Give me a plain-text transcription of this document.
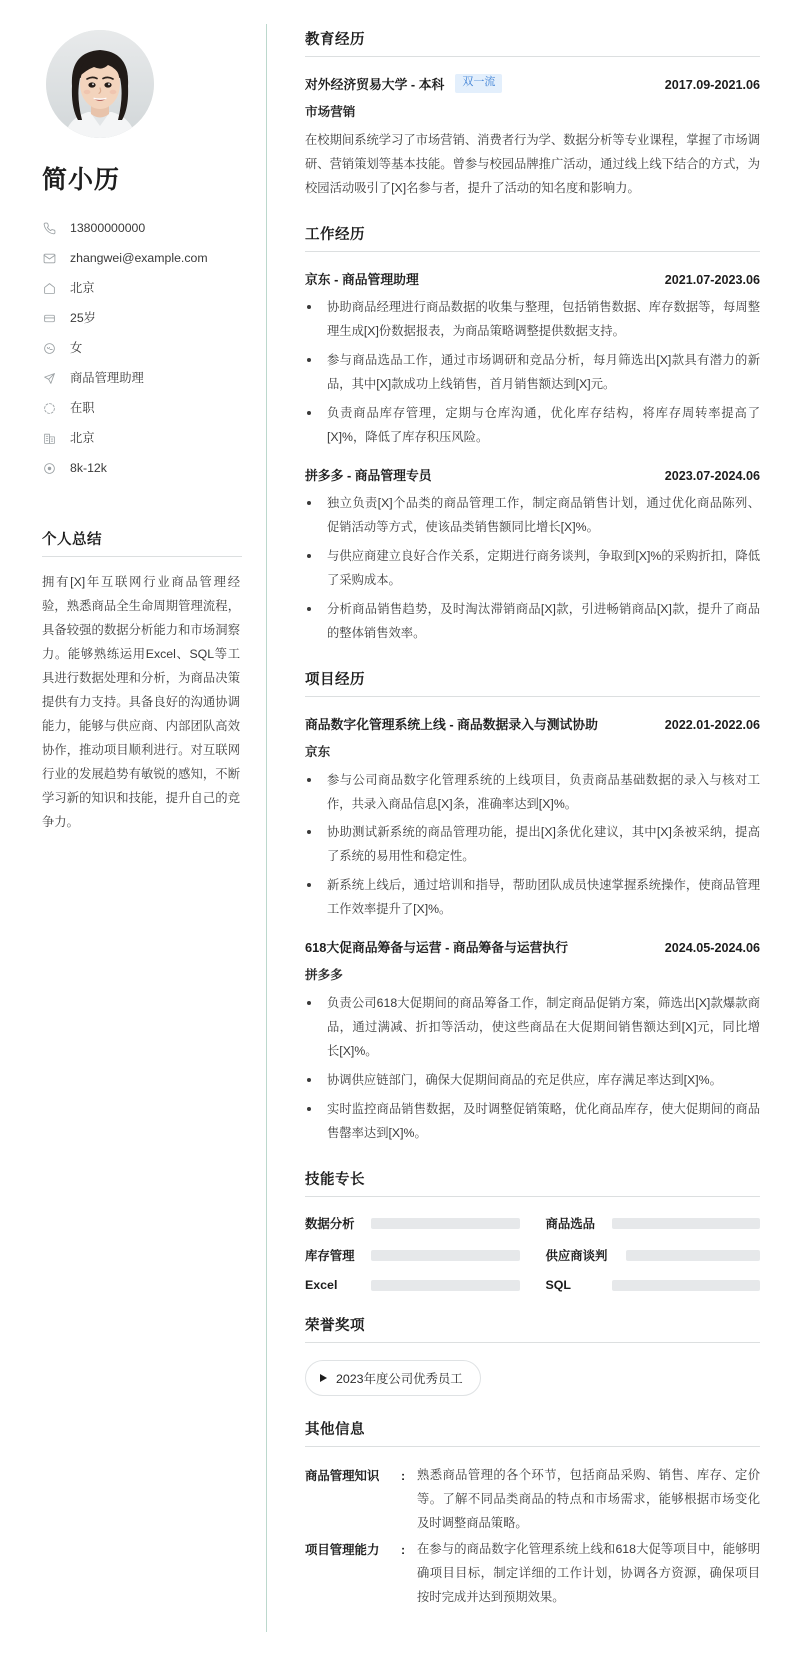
简小历
13800000000
zhangwei@example.com
北京
25岁
女
商品管理助理
在职
北京
8k-12k
个人总结
拥有[X]年互联网行业商品管理经验，熟悉商品全生命周期管理流程，具备较强的数据分析能力和市场洞察力。能够熟练运用Excel、SQL等工具进行数据处理和分析，为商品决策提供有力支持。具备良好的沟通协调能力，能够与供应商、内部团队高效协作，推动项目顺利进行。对互联网行业的发展趋势有敏锐的感知，不断学习新的知识和技能，提升自己的竞争力。
教育经历
对外经济贸易大学 - 本科	双一流	2017.09-2021.06
市场营销
在校期间系统学习了市场营销、消费者行为学、数据分析等专业课程，掌握了市场调研、营销策划等基本技能。曾参与校园品牌推广活动，通过线上线下结合的方式，为校园活动吸引了[X]名参与者，提升了活动的知名度和影响力。
工作经历
京东 - 商品管理助理	2021.07-2023.06
协助商品经理进行商品数据的收集与整理，包括销售数据、库存数据等，每周整理生成[X]份数据报表，为商品策略调整提供数据支持。
参与商品选品工作，通过市场调研和竞品分析，每月筛选出[X]款具有潜力的新品，其中[X]款成功上线销售，首月销售额达到[X]元。
负责商品库存管理，定期与仓库沟通，优化库存结构，将库存周转率提高了[X]%，降低了库存积压风险。
拼多多 - 商品管理专员	2023.07-2024.06
独立负责[X]个品类的商品管理工作，制定商品销售计划，通过优化商品陈列、促销活动等方式，使该品类销售额同比增长[X]%。
与供应商建立良好合作关系，定期进行商务谈判，争取到[X]%的采购折扣，降低了采购成本。
分析商品销售趋势，及时淘汰滞销商品[X]款，引进畅销商品[X]款，提升了商品的整体销售效率。
项目经历
商品数字化管理系统上线 - 商品数据录入与测试协助	2022.01-2022.06
京东
参与公司商品数字化管理系统的上线项目，负责商品基础数据的录入与核对工作，共录入商品信息[X]条，准确率达到[X]%。
协助测试新系统的商品管理功能，提出[X]条优化建议，其中[X]条被采纳，提高了系统的易用性和稳定性。
新系统上线后，通过培训和指导，帮助团队成员快速掌握系统操作，使商品管理工作效率提升了[X]%。
618大促商品筹备与运营 - 商品筹备与运营执行	2024.05-2024.06
拼多多
负责公司618大促期间的商品筹备工作，制定商品促销方案，筛选出[X]款爆款商品，通过满减、折扣等活动，使这些商品在大促期间销售额达到[X]元，同比增长[X]%。
协调供应链部门，确保大促期间商品的充足供应，库存满足率达到[X]%。
实时监控商品销售数据，及时调整促销策略，优化商品库存，使大促期间的商品售罄率达到[X]%。
技能专长
数据分析	商品选品
库存管理	供应商谈判
Excel	SQL
荣誉奖项
2023年度公司优秀员工
其他信息
商品管理知识	: 熟悉商品管理的各个环节，包括商品采购、销售、库存、定价等。了解不同品类商品的特点和市场需求，能够根据市场变化及时调整商品策略。
项目管理能力	: 在参与的商品数字化管理系统上线和618大促等项目中，能够明确项目目标，制定详细的工作计划，协调各方资源，确保项目按时完成并达到预期效果。
